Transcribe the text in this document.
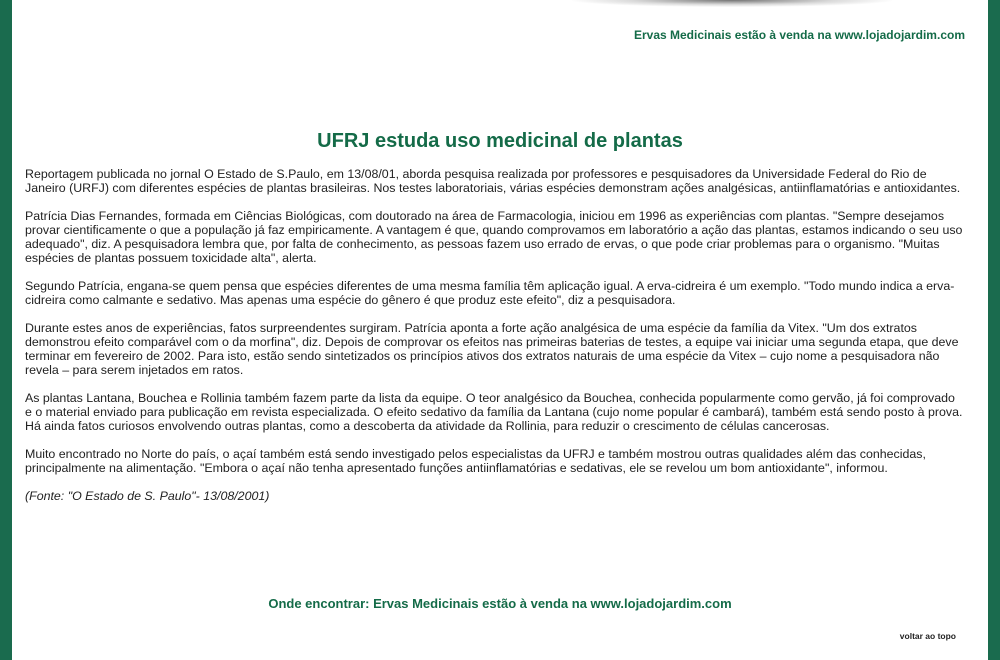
Ervas Medicinais estão à venda na www.lojadojardim.com
UFRJ estuda uso medicinal de plantas

Reportagem publicada no jornal O Estado de S.Paulo, em 13/08/01, aborda pesquisa realizada por professores e pesquisadores da Universidade Federal do Rio de Janeiro (URFJ) com diferentes espécies de plantas brasileiras. Nos testes laboratoriais, várias espécies demonstram ações analgésicas, antiinflamatórias e antioxidantes.

Patrícia Dias Fernandes, formada em Ciências Biológicas, com doutorado na área de Farmacologia, iniciou em 1996 as experiências com plantas. "Sempre desejamos provar cientificamente o que a população já faz empiricamente. A vantagem é que, quando comprovamos em laboratório a ação das plantas, estamos indicando o seu uso adequado", diz. A pesquisadora lembra que, por falta de conhecimento, as pessoas fazem uso errado de ervas, o que pode criar problemas para o organismo. "Muitas espécies de plantas possuem toxicidade alta", alerta.

Segundo Patrícia, engana-se quem pensa que espécies diferentes de uma mesma família têm aplicação igual. A erva-cidreira é um exemplo. "Todo mundo indica a erva-cidreira como calmante e sedativo. Mas apenas uma espécie do gênero é que produz este efeito", diz a pesquisadora.

Durante estes anos de experiências, fatos surpreendentes surgiram. Patrícia aponta a forte ação analgésica de uma espécie da família da Vitex. "Um dos extratos demonstrou efeito comparável com o da morfina", diz. Depois de comprovar os efeitos nas primeiras baterias de testes, a equipe vai iniciar uma segunda etapa, que deve terminar em fevereiro de 2002. Para isto, estão sendo sintetizados os princípios ativos dos extratos naturais de uma espécie da Vitex – cujo nome a pesquisadora não revela – para serem injetados em ratos.

As plantas Lantana, Bouchea e Rollinia também fazem parte da lista da equipe. O teor analgésico da Bouchea, conhecida popularmente como gervão, já foi comprovado e o material enviado para publicação em revista especializada. O efeito sedativo da família da Lantana (cujo nome popular é cambará), também está sendo posto à prova. Há ainda fatos curiosos envolvendo outras plantas, como a descoberta da atividade da Rollinia, para reduzir o crescimento de células cancerosas.

Muito encontrado no Norte do país, o açaí também está sendo investigado pelos especialistas da UFRJ e também mostrou outras qualidades além das conhecidas, principalmente na alimentação. "Embora o açaí não tenha apresentado funções antiinflamatórias e sedativas, ele se revelou um bom antioxidante", informou.

(Fonte: "O Estado de S. Paulo"- 13/08/2001)

Onde encontrar: Ervas Medicinais estão à venda na www.lojadojardim.com
voltar ao topo
